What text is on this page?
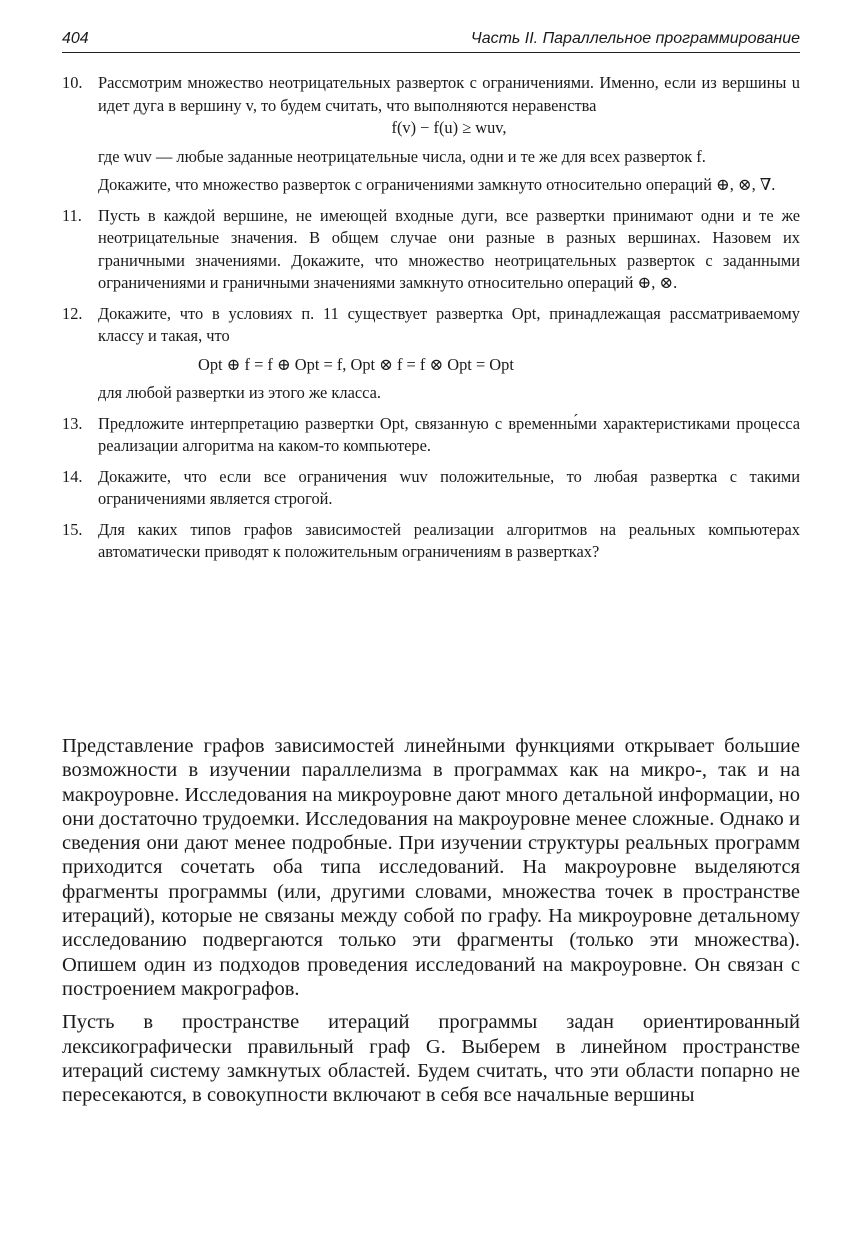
404	Часть II. Параллельное программирование
10. Рассмотрим множество неотрицательных разверток с ограничениями. Именно, если из вершины u идет дуга в вершину v, то будем считать, что выполняются неравенства

f(v) − f(u) ≥ wuv,

где wuv — любые заданные неотрицательные числа, одни и те же для всех разверток f.

Докажите, что множество разверток с ограничениями замкнуто относительно операций ⊕, ⊗, ∇.

11. Пусть в каждой вершине, не имеющей входные дуги, все развертки принимают одни и те же неотрицательные значения. В общем случае они разные в разных вершинах. Назовем их граничными значениями. Докажите, что множество неотрицательных разверток с заданными ограничениями и граничными значениями замкнуто относительно операций ⊕, ⊗.

12. Докажите, что в условиях п. 11 существует развертка Opt, принадлежащая рассматриваемому классу и такая, что

Opt ⊕ f = f ⊕ Opt = f, Opt ⊗ f = f ⊗ Opt = Opt

для любой развертки из этого же класса.

13. Предложите интерпретацию развертки Opt, связанную с временны́ми характеристиками процесса реализации алгоритма на каком-то компьютере.

14. Докажите, что если все ограничения wuv положительные, то любая развертка с такими ограничениями является строгой.

15. Для каких типов графов зависимостей реализации алгоритмов на реальных компьютерах автоматически приводят к положительным ограничениям в развертках?

Представление графов зависимостей линейными функциями открывает большие возможности в изучении параллелизма в программах как на микро-, так и на макроуровне. Исследования на микроуровне дают много детальной информации, но они достаточно трудоемки. Исследования на макроуровне менее сложные. Однако и сведения они дают менее подробные. При изучении структуры реальных программ приходится сочетать оба типа исследований. На макроуровне выделяются фрагменты программы (или, другими словами, множества точек в пространстве итераций), которые не связаны между собой по графу. На микроуровне детальному исследованию подвергаются только эти фрагменты (только эти множества). Опишем один из подходов проведения исследований на макроуровне. Он связан с построением макрографов.

Пусть в пространстве итераций программы задан ориентированный лексикографически правильный граф G. Выберем в линейном пространстве итераций систему замкнутых областей. Будем считать, что эти области попарно не пересекаются, в совокупности включают в себя все начальные вершины
